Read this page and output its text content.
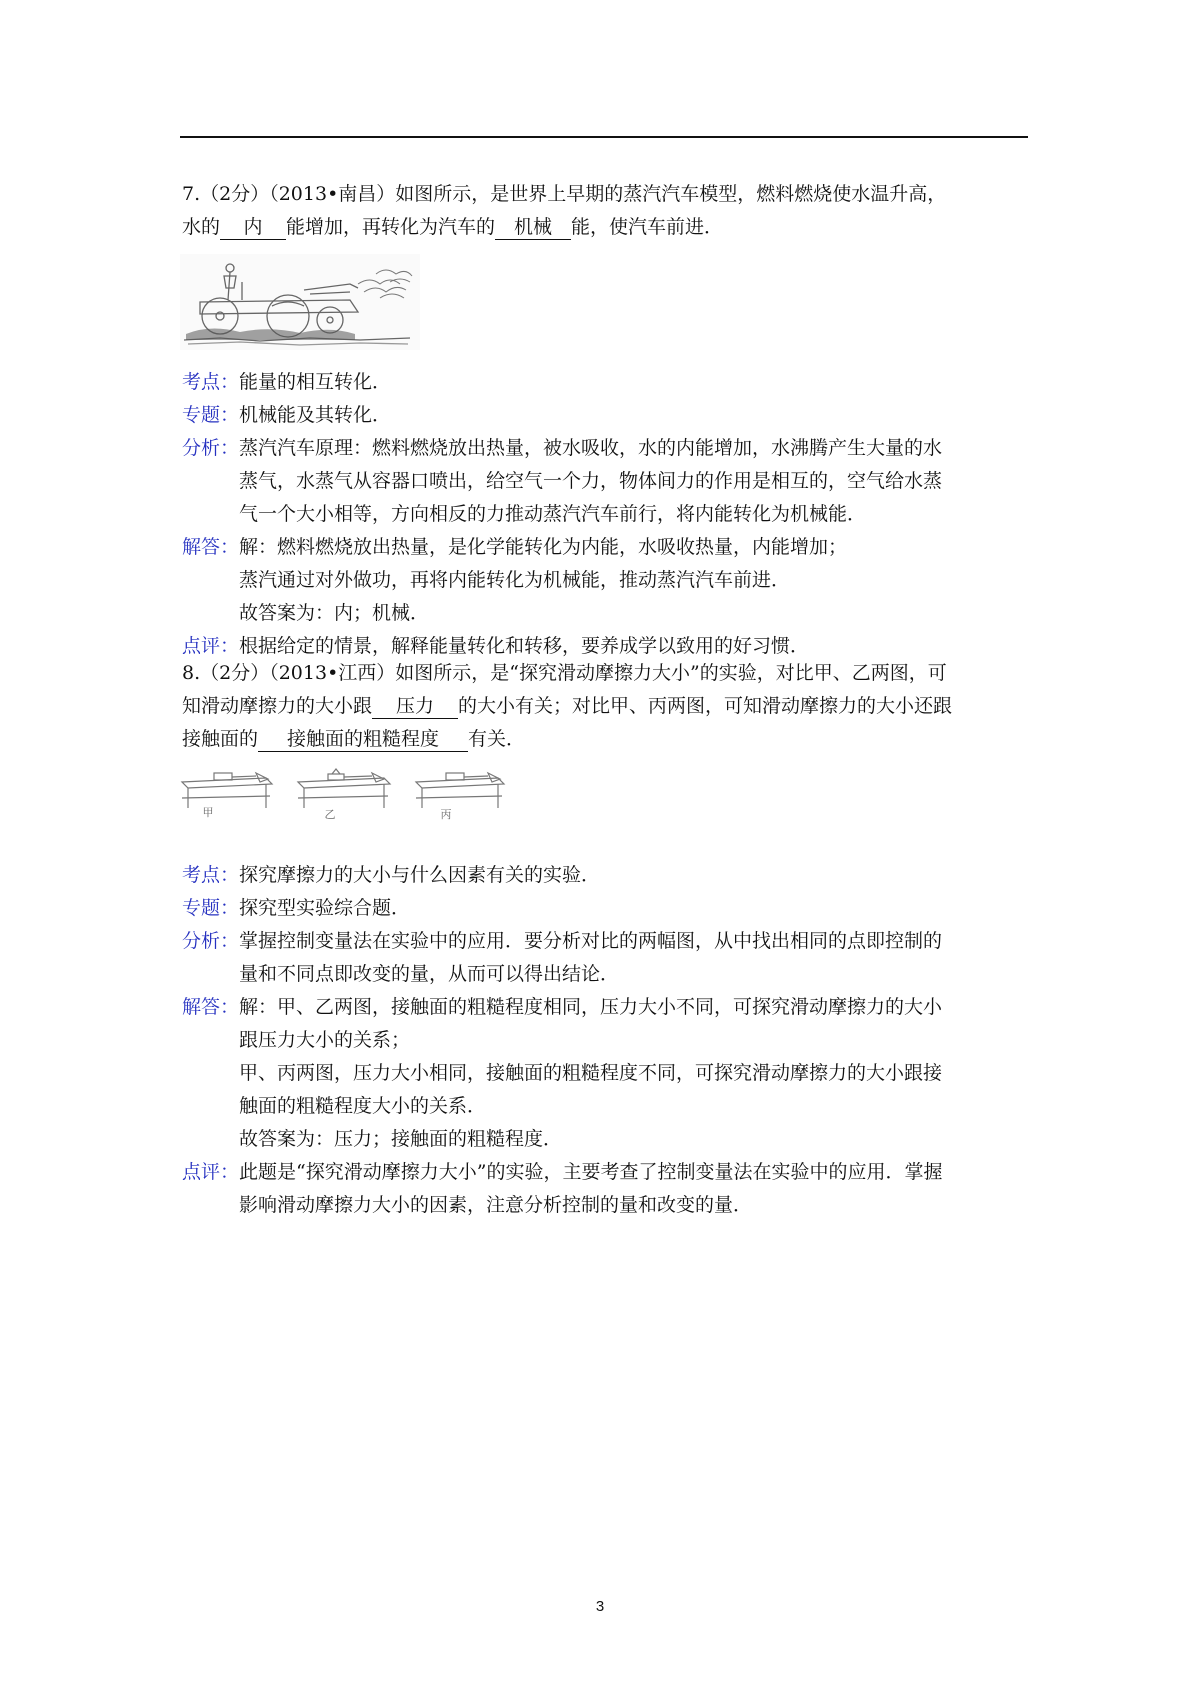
7.（2分）（2013•南昌）如图所示，是世界上早期的蒸汽汽车模型，燃料燃烧使水温升高，
水的 内 能增加，再转化为汽车的 机械 能，使汽车前进．
考点： 能量的相互转化．
专题： 机械能及其转化．
分析： 蒸汽汽车原理：燃料燃烧放出热量，被水吸收，水的内能增加，水沸腾产生大量的水
蒸气，水蒸气从容器口喷出，给空气一个力，物体间力的作用是相互的，空气给水蒸
气一个大小相等，方向相反的力推动蒸汽汽车前行，将内能转化为机械能．
解答： 解：燃料燃烧放出热量，是化学能转化为内能，水吸收热量，内能增加；
蒸汽通过对外做功，再将内能转化为机械能，推动蒸汽汽车前进．
故答案为：内；机械．
点评： 根据给定的情景，解释能量转化和转移，要养成学以致用的好习惯．
8.（2分）（2013•江西）如图所示，是“探究滑动摩擦力大小”的实验，对比甲、乙两图，可
知滑动摩擦力的大小跟 压力 的大小有关；对比甲、丙两图，可知滑动摩擦力的大小还跟
接触面的 接触面的粗糙程度 有关．
甲	乙	丙
考点： 探究摩擦力的大小与什么因素有关的实验．
专题： 探究型实验综合题．
分析： 掌握控制变量法在实验中的应用．要分析对比的两幅图，从中找出相同的点即控制的
量和不同点即改变的量，从而可以得出结论．
解答： 解：甲、乙两图，接触面的粗糙程度相同，压力大小不同，可探究滑动摩擦力的大小
跟压力大小的关系；
甲、丙两图，压力大小相同，接触面的粗糙程度不同，可探究滑动摩擦力的大小跟接
触面的粗糙程度大小的关系．
故答案为：压力；接触面的粗糙程度．
点评： 此题是“探究滑动摩擦力大小”的实验，主要考查了控制变量法在实验中的应用．掌握
影响滑动摩擦力大小的因素，注意分析控制的量和改变的量．
3
